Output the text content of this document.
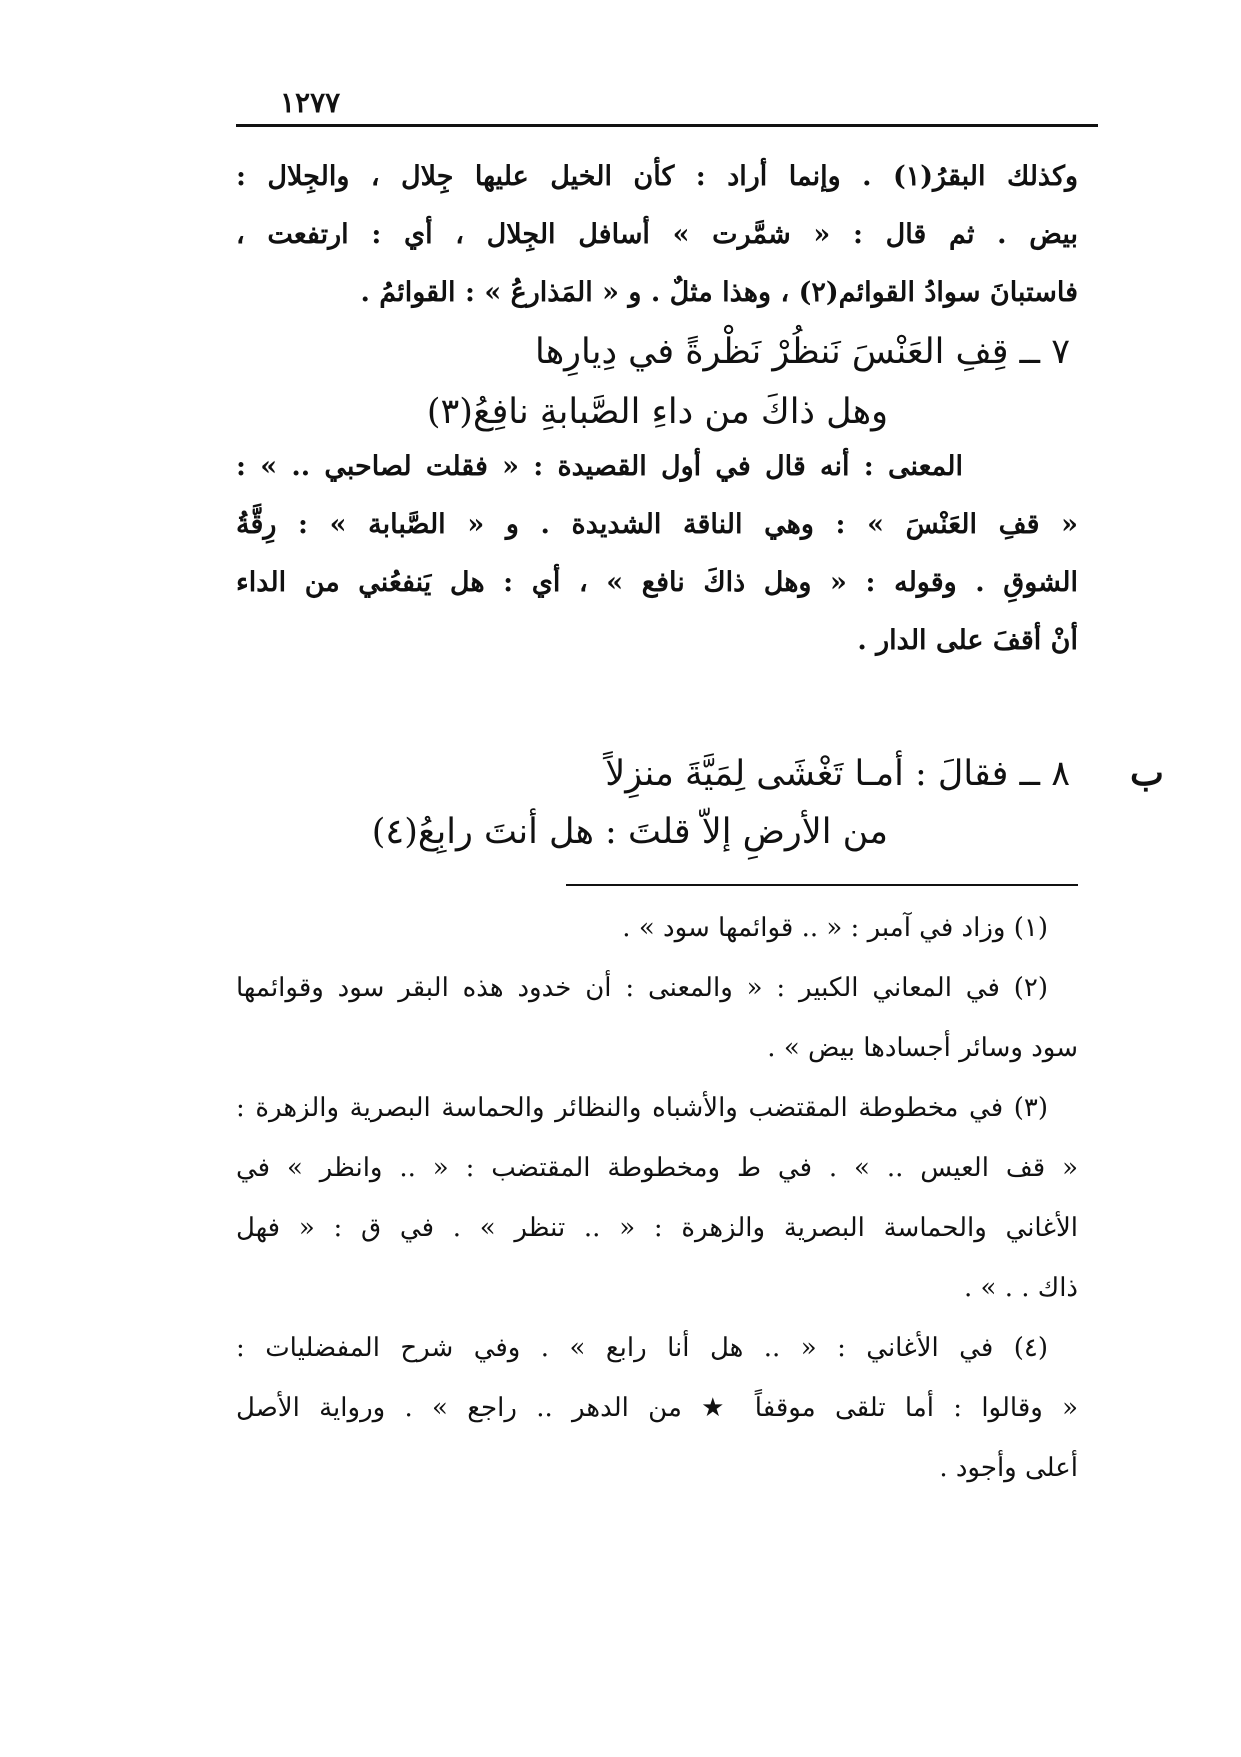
١٢٧٧
وكذلك البقرُ(١) . وإنما أراد : كأن الخيل عليها جِلال ، والجِلال :
بيض . ثم قال : « شمَّرت » أسافل الجِلال ، أي : ارتفعت ،
فاستبانَ سوادُ القوائم(٢) ، وهذا مثلٌ . و « المَذارعُ » : القوائمُ .
٧ ــ قِفِ العَنْسَ نَنظُرْ نَظْرةً في دِيارِها
وهل ذاكَ من داءِ الصَّبابةِ نافِعُ(٣)
المعنى : أنه قال في أول القصيدة : « فقلت لصاحبي .. » :
« قفِ العَنْسَ » : وهي الناقة الشديدة . و « الصَّبابة » : رِقَّةُ
الشوقِ . وقوله : « وهل ذاكَ نافع » ، أي : هل يَنفعُني من الداء
أنْ أقفَ على الدار .
ب
٨ ــ فقالَ : أمـا تَغْشَى لِمَيَّةَ منزِلاً
من الأرضِ إلاّ قلتَ : هل أنتَ رابِعُ(٤)
(١) وزاد في آمبر : « .. قوائمها سود » .
(٢) في المعاني الكبير : « والمعنى : أن خدود هذه البقر سود وقوائمها
سود وسائر أجسادها بيض » .
(٣) في مخطوطة المقتضب والأشباه والنظائر والحماسة البصرية والزهرة :
« قف العيس .. » . في ط ومخطوطة المقتضب : « .. وانظر » في
الأغاني والحماسة البصرية والزهرة : « .. تنظر » . في ق : « فهل
ذاك . . » .
(٤) في الأغاني : « .. هل أنا رابع » . وفي شرح المفضليات :
« وقالوا : أما تلقى موقفاً ★ من الدهر .. راجع » . ورواية الأصل
أعلى وأجود .
